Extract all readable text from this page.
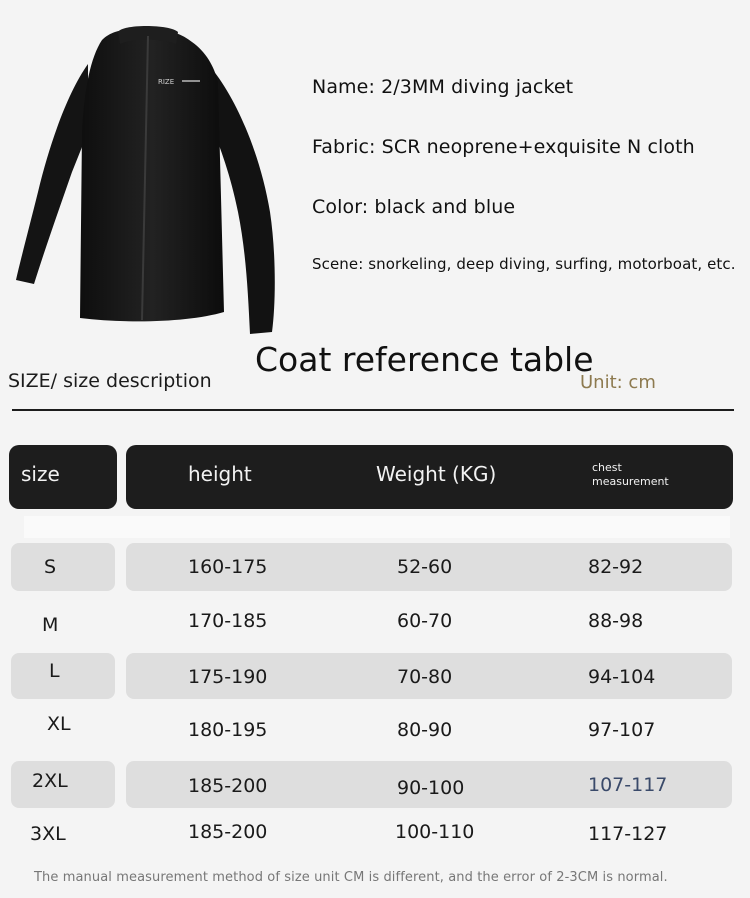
RIZE	Name: 2/3MM diving jacket
Fabric: SCR neoprene+exquisite N cloth
Color: black and blue
Scene: snorkeling, deep diving, surfing, motorboat, etc.
Coat reference table
SIZE/ size description	Unit: cm
size	height	Weight (KG)	chest
measurement
S	160-175	52-60	82-92
M	170-185	60-70	88-98
L	175-190	70-80	94-104
XL	180-195	80-90	97-107
2XL	185-200	90-100	107-117
3XL	185-200	100-110	117-127
The manual measurement method of size unit CM is different, and the error of 2-3CM is normal.
